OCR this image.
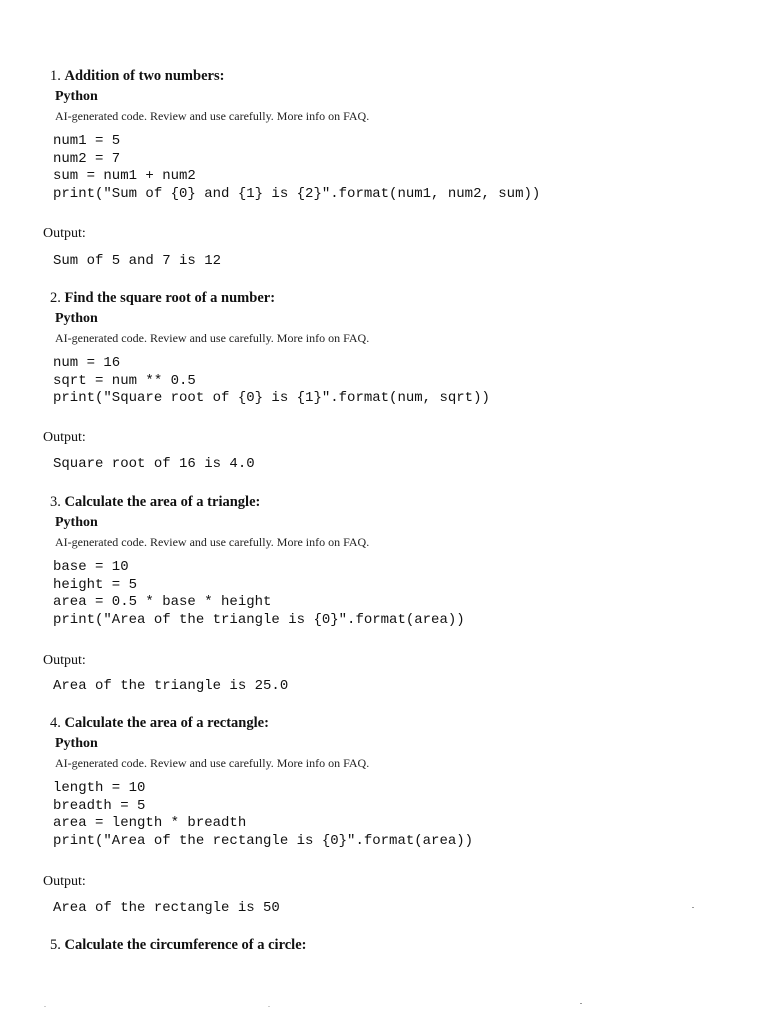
1. Addition of two numbers:
Python
AI-generated code. Review and use carefully. More info on FAQ.
num1 = 5
num2 = 7
sum = num1 + num2
print("Sum of {0} and {1} is {2}".format(num1, num2, sum))
Output:
Sum of 5 and 7 is 12
2. Find the square root of a number:
Python
AI-generated code. Review and use carefully. More info on FAQ.
num = 16
sqrt = num ** 0.5
print("Square root of {0} is {1}".format(num, sqrt))
Output:
Square root of 16 is 4.0
3. Calculate the area of a triangle:
Python
AI-generated code. Review and use carefully. More info on FAQ.
base = 10
height = 5
area = 0.5 * base * height
print("Area of the triangle is {0}".format(area))
Output:
Area of the triangle is 25.0
4. Calculate the area of a rectangle:
Python
AI-generated code. Review and use carefully. More info on FAQ.
length = 10
breadth = 5
area = length * breadth
print("Area of the rectangle is {0}".format(area))
Output:
Area of the rectangle is 50
5. Calculate the circumference of a circle:
